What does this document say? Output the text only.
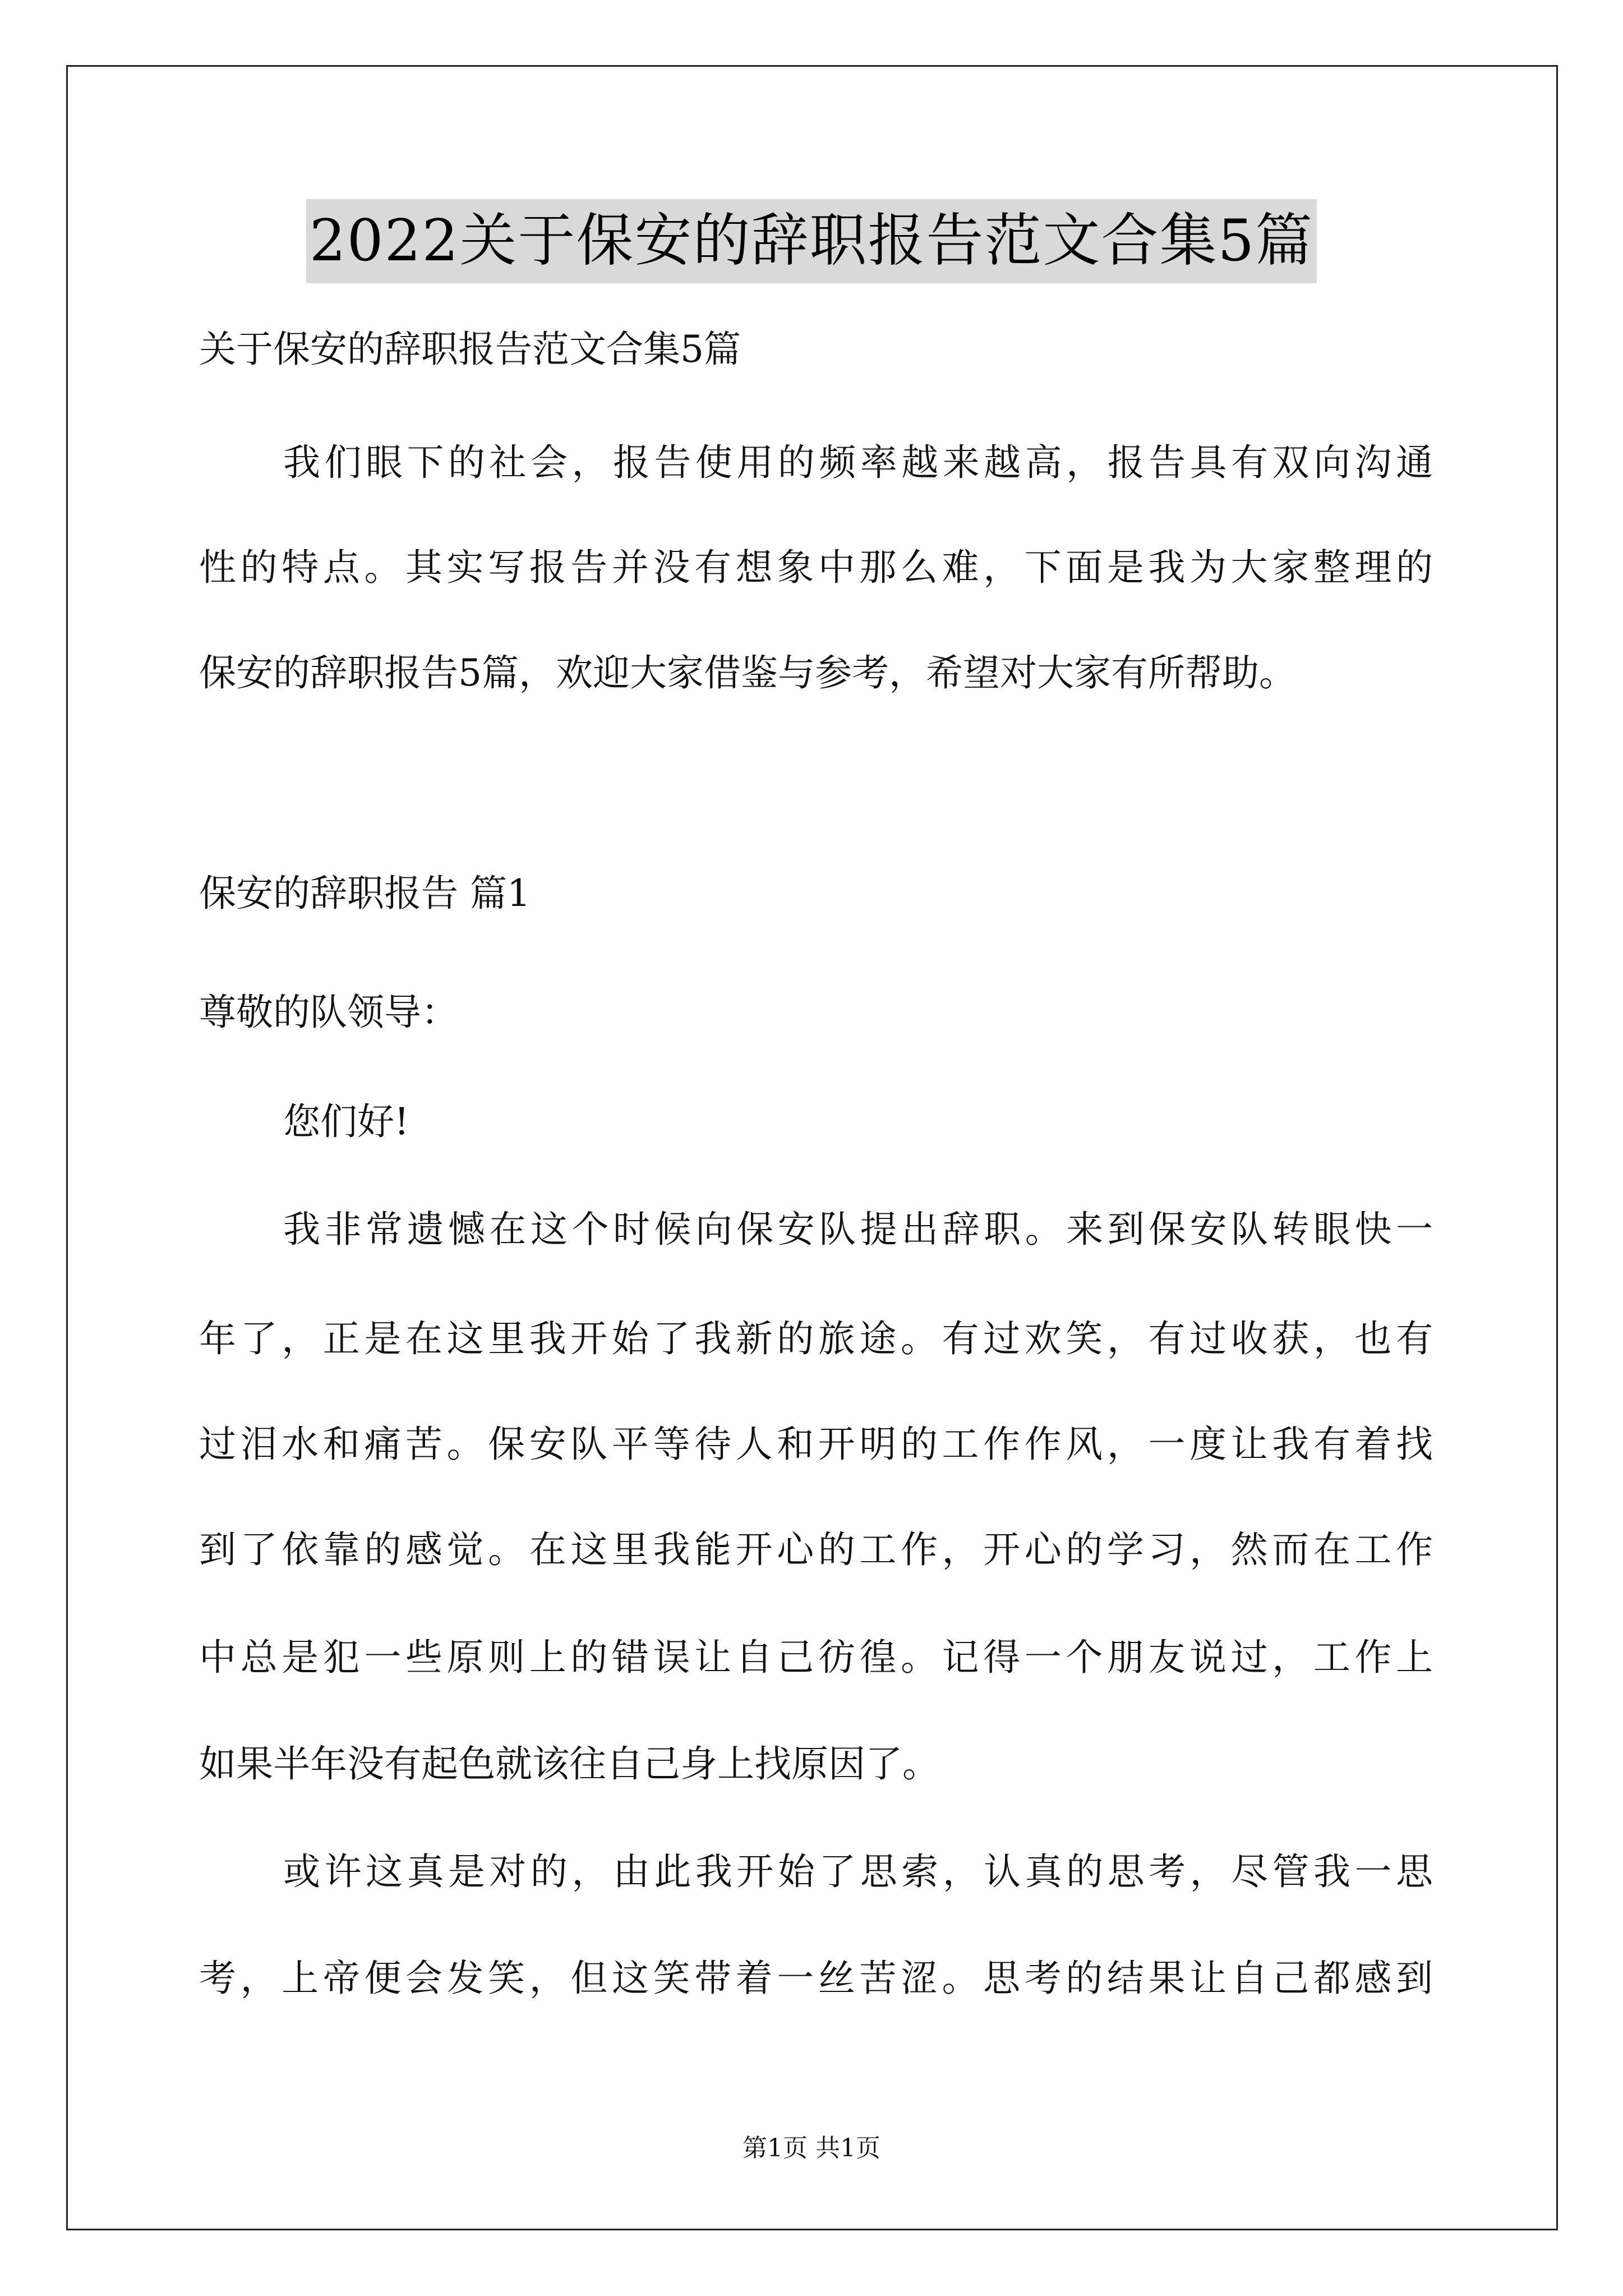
2022关于保安的辞职报告范文合集5篇
关于保安的辞职报告范文合集5篇
我们眼下的社会，报告使用的频率越来越高，报告具有双向沟通
性的特点。其实写报告并没有想象中那么难，下面是我为大家整理的
保安的辞职报告5篇，欢迎大家借鉴与参考，希望对大家有所帮助。
保安的辞职报告 篇1
尊敬的队领导：
您们好!
我非常遗憾在这个时候向保安队提出辞职。来到保安队转眼快一
年了，正是在这里我开始了我新的旅途。有过欢笑，有过收获，也有
过泪水和痛苦。保安队平等待人和开明的工作作风，一度让我有着找
到了依靠的感觉。在这里我能开心的工作，开心的学习，然而在工作
中总是犯一些原则上的错误让自己彷徨。记得一个朋友说过，工作上
如果半年没有起色就该往自己身上找原因了。
或许这真是对的，由此我开始了思索，认真的思考，尽管我一思
考，上帝便会发笑，但这笑带着一丝苦涩。思考的结果让自己都感到
第1页 共1页
